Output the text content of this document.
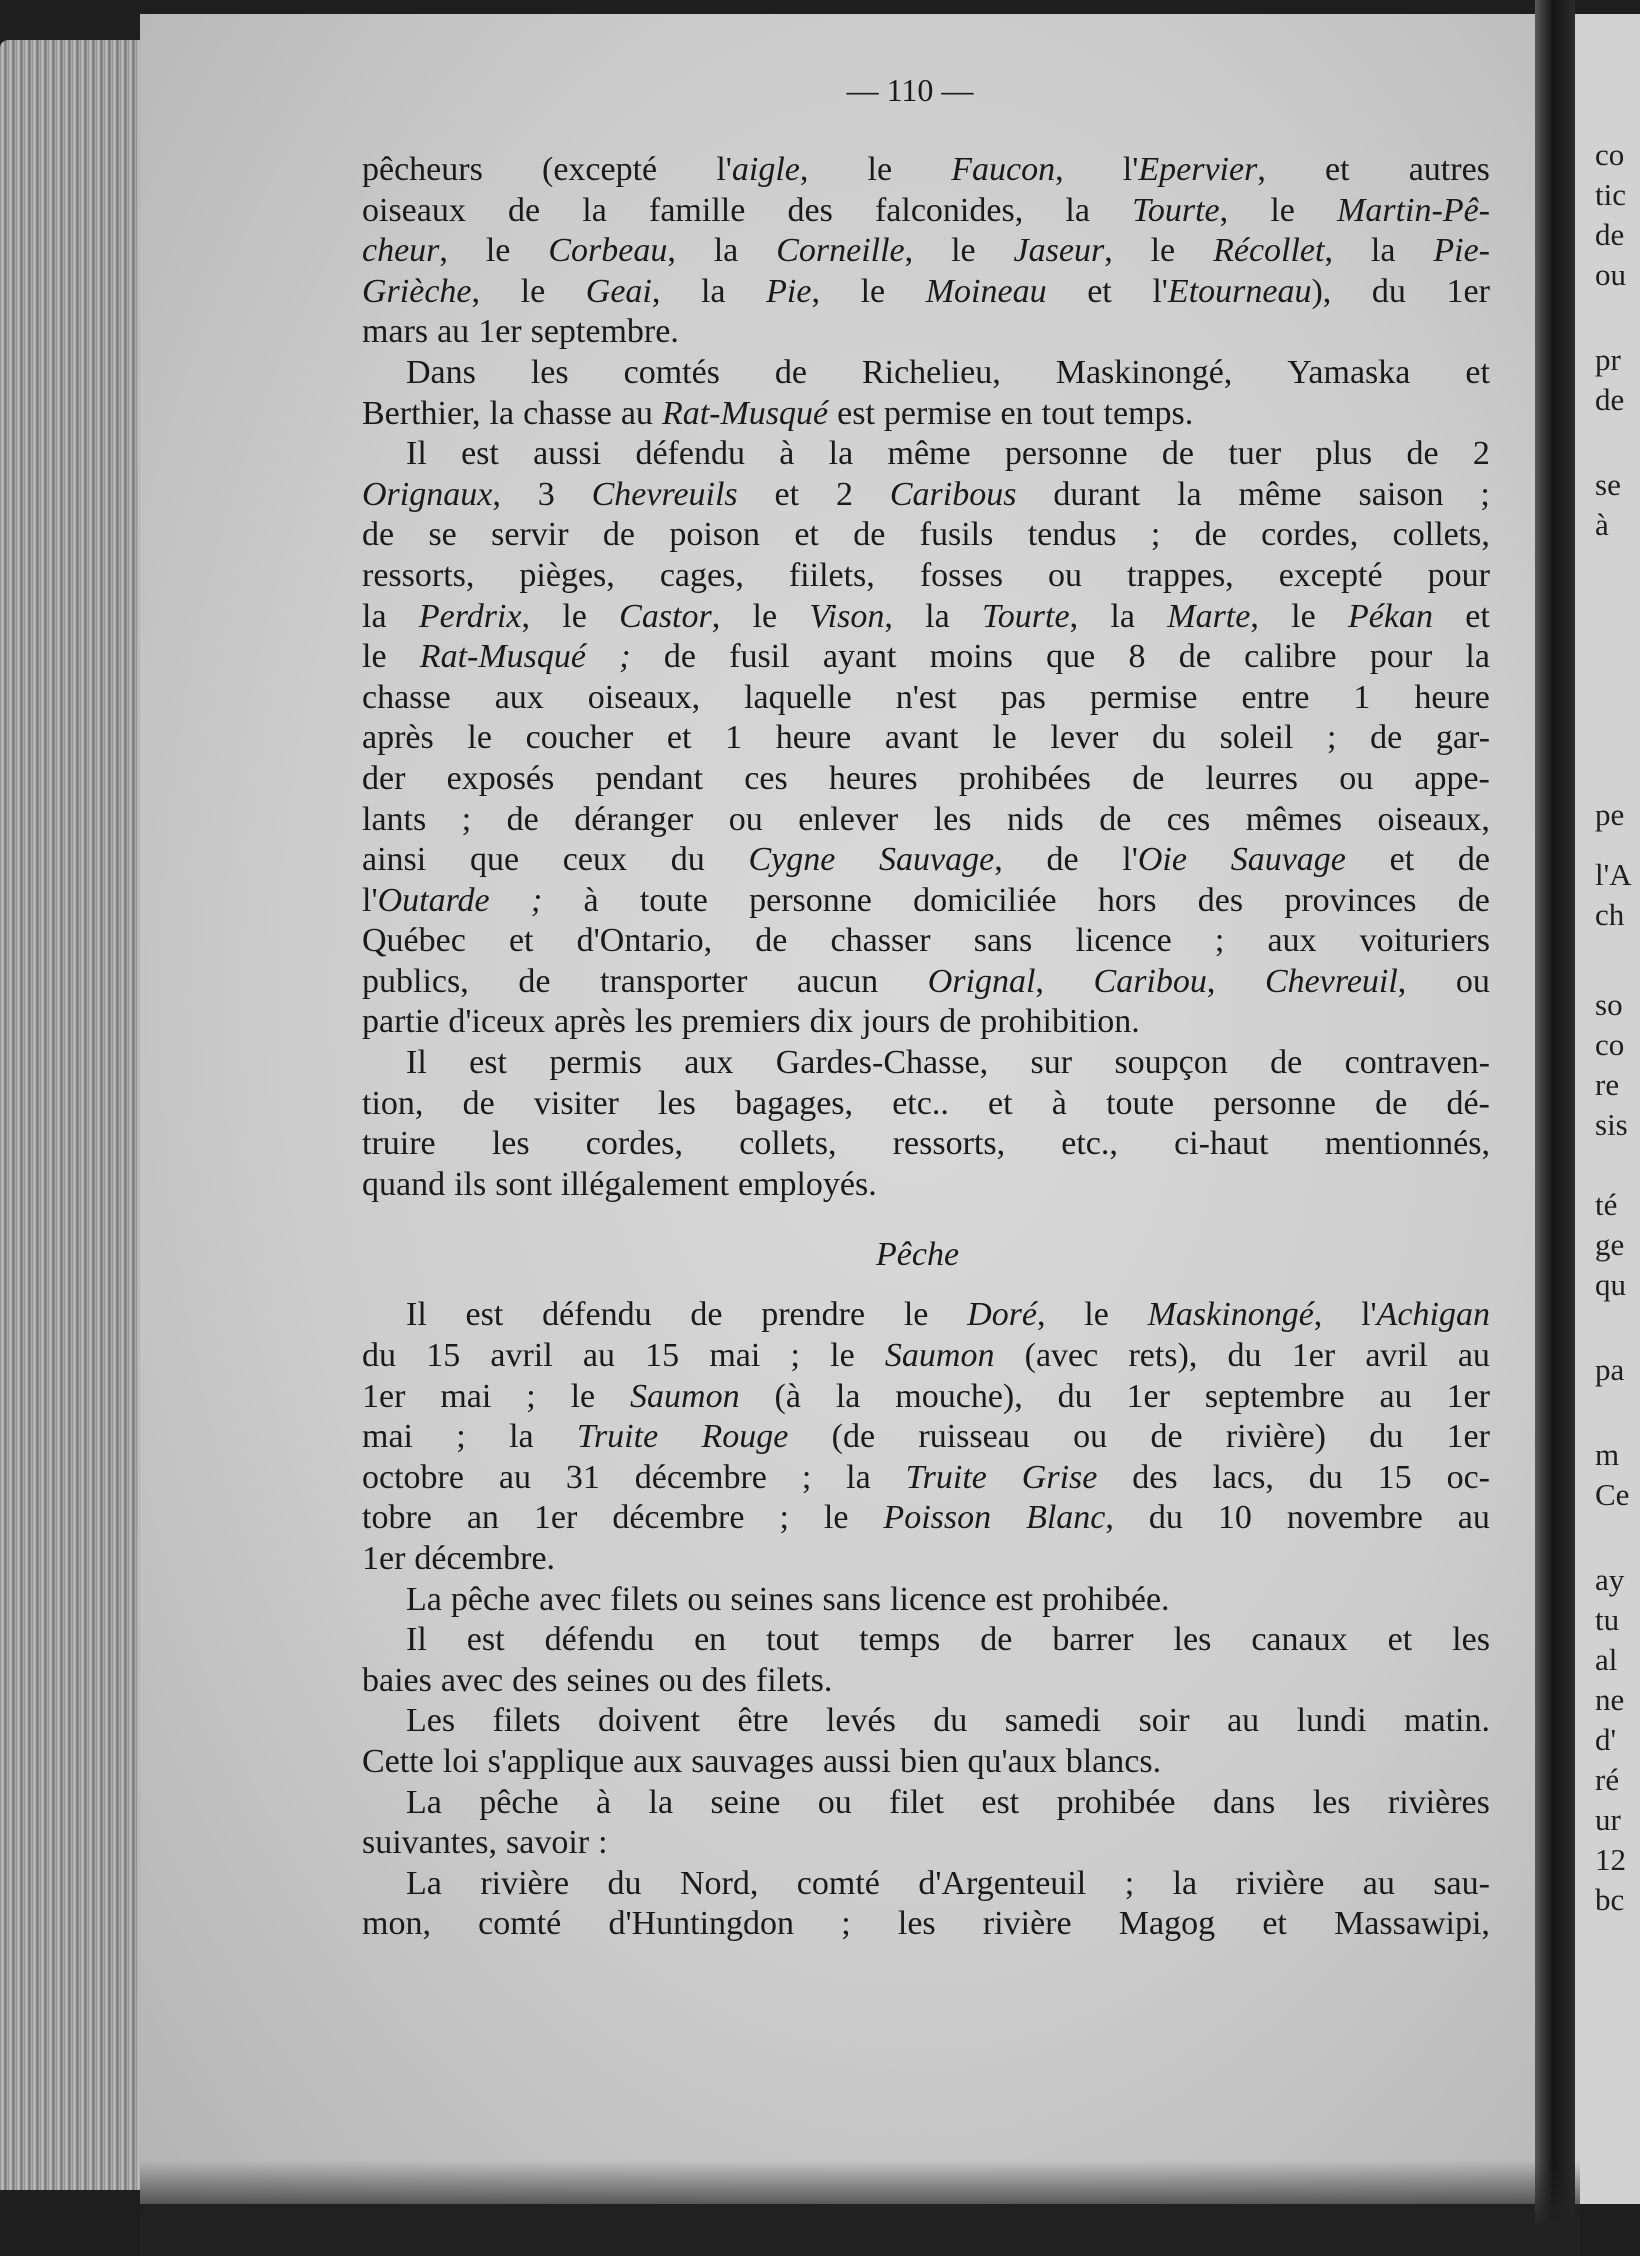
co
tic
de
ou
pr
de
se
à
pe
l'A
ch
so
co
re
sis
té
ge
qu
pa
m
Ce
ay
tu
al
ne
d'
ré
ur
12
bc
— 110 —
pêcheurs (excepté l'aigle, le Faucon, l'Epervier, et autres
oiseaux de la famille des falconides, la Tourte, le Martin-Pê-
cheur, le Corbeau, la Corneille, le Jaseur, le Récollet, la Pie-
Grièche, le Geai, la Pie, le Moineau et l'Etourneau), du 1er
mars au 1er septembre.
Dans les comtés de Richelieu, Maskinongé, Yamaska et
Berthier, la chasse au Rat-Musqué est permise en tout temps.
Il est aussi défendu à la même personne de tuer plus de 2
Orignaux, 3 Chevreuils et 2 Caribous durant la même saison ;
de se servir de poison et de fusils tendus ; de cordes, collets,
ressorts, pièges, cages, fiilets, fosses ou trappes, excepté pour
la Perdrix, le Castor, le Vison, la Tourte, la Marte, le Pékan et
le Rat-Musqué ; de fusil ayant moins que 8 de calibre pour la
chasse aux oiseaux, laquelle n'est pas permise entre 1 heure
après le coucher et 1 heure avant le lever du soleil ; de gar-
der exposés pendant ces heures prohibées de leurres ou appe-
lants ; de déranger ou enlever les nids de ces mêmes oiseaux,
ainsi que ceux du Cygne Sauvage, de l'Oie Sauvage et de
l'Outarde ; à toute personne domiciliée hors des provinces de
Québec et d'Ontario, de chasser sans licence ; aux voituriers
publics, de transporter aucun Orignal, Caribou, Chevreuil, ou
partie d'iceux après les premiers dix jours de prohibition.
Il est permis aux Gardes-Chasse, sur soupçon de contraven-
tion, de visiter les bagages, etc.. et à toute personne de dé-
truire les cordes, collets, ressorts, etc., ci-haut mentionnés,
quand ils sont illégalement employés.
Pêche
Il est défendu de prendre le Doré, le Maskinongé, l'Achigan
du 15 avril au 15 mai ; le Saumon (avec rets), du 1er avril au
1er mai ; le Saumon (à la mouche), du 1er septembre au 1er
mai ; la Truite Rouge (de ruisseau ou de rivière) du 1er
octobre au 31 décembre ; la Truite Grise des lacs, du 15 oc-
tobre an 1er décembre ; le Poisson Blanc, du 10 novembre au
1er décembre.
La pêche avec filets ou seines sans licence est prohibée.
Il est défendu en tout temps de barrer les canaux et les
baies avec des seines ou des filets.
Les filets doivent être levés du samedi soir au lundi matin.
Cette loi s'applique aux sauvages aussi bien qu'aux blancs.
La pêche à la seine ou filet est prohibée dans les rivières
suivantes, savoir :
La rivière du Nord, comté d'Argenteuil ; la rivière au sau-
mon, comté d'Huntingdon ; les rivière Magog et Massawipi,
